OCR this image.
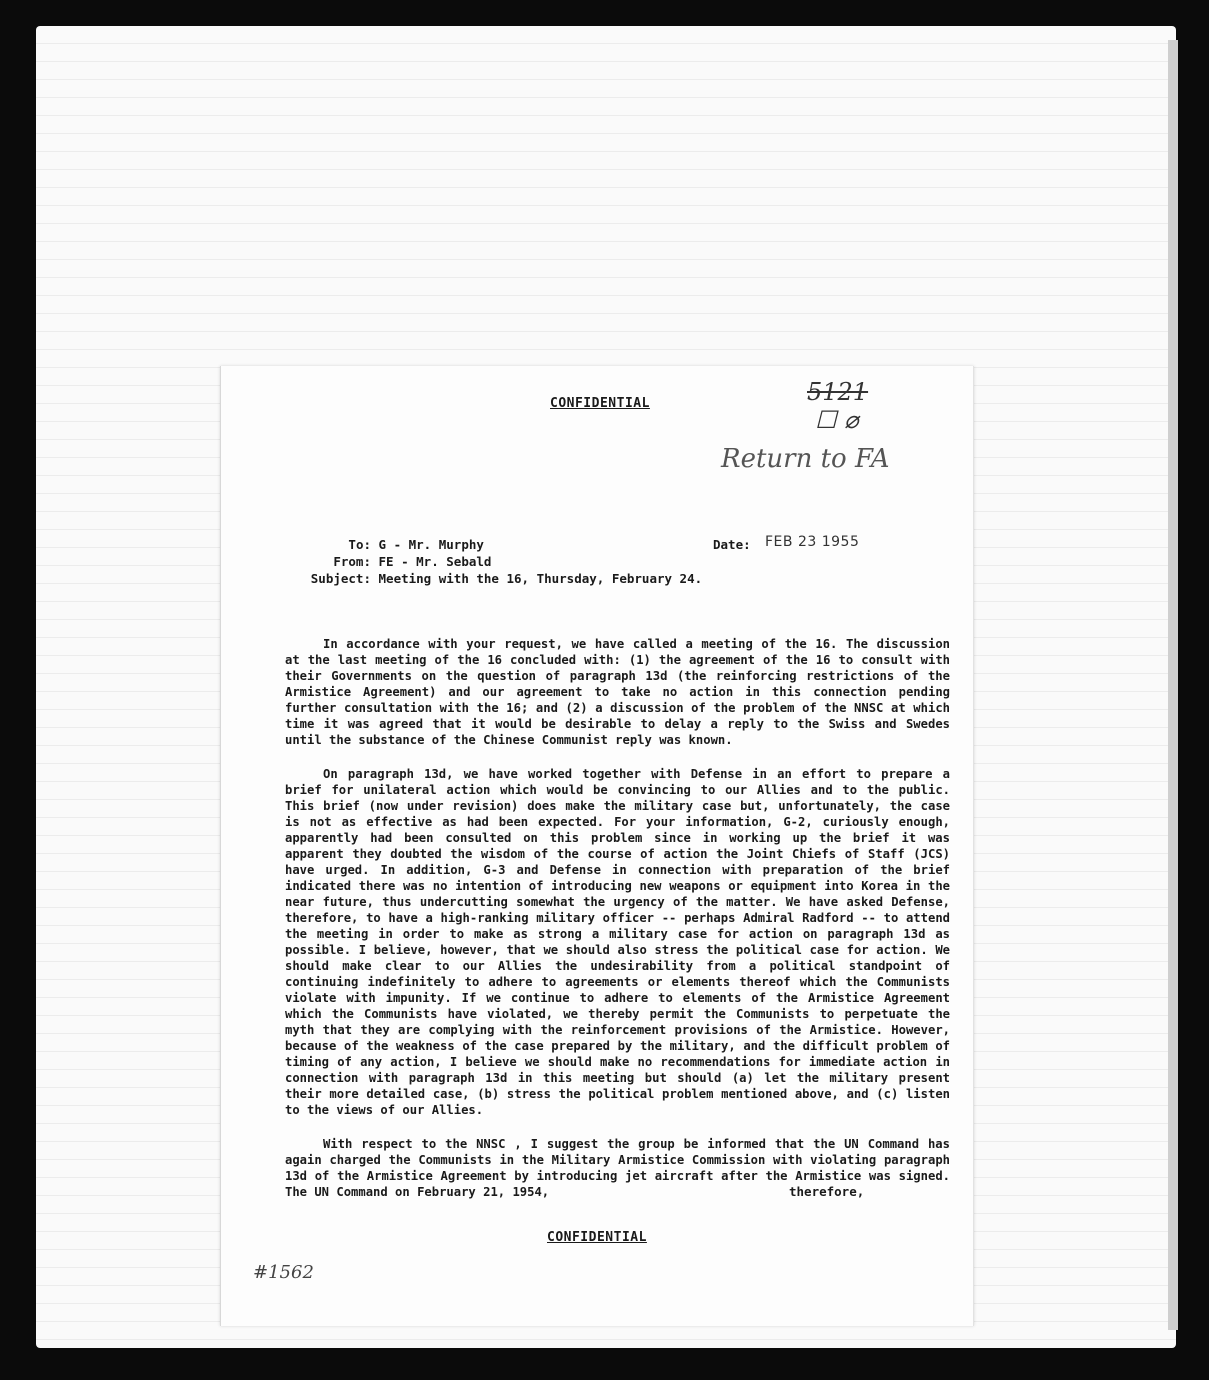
CONFIDENTIAL	5121
☐ ⌀
Return to FA
To: G - Mr. Murphy	Date: FEB 23 1955
From: FE - Mr. Sebald
Subject: Meeting with the 16, Thursday, February 24.

In accordance with your request, we have called a meeting of the 16. The discussion at the last meeting of the 16 concluded with: (1) the agreement of the 16 to consult with their Governments on the question of paragraph 13d (the reinforcing restrictions of the Armistice Agreement) and our agreement to take no action in this connection pending further consultation with the 16; and (2) a discussion of the problem of the NNSC at which time it was agreed that it would be desirable to delay a reply to the Swiss and Swedes until the substance of the Chinese Communist reply was known.

On paragraph 13d, we have worked together with Defense in an effort to prepare a brief for unilateral action which would be convincing to our Allies and to the public. This brief (now under revision) does make the military case but, unfortunately, the case is not as effective as had been expected. For your information, G-2, curiously enough, apparently had been consulted on this problem since in working up the brief it was apparent they doubted the wisdom of the course of action the Joint Chiefs of Staff (JCS) have urged. In addition, G-3 and Defense in connection with preparation of the brief indicated there was no intention of introducing new weapons or equipment into Korea in the near future, thus undercutting somewhat the urgency of the matter. We have asked Defense, therefore, to have a high-ranking military officer -- perhaps Admiral Radford -- to attend the meeting in order to make as strong a military case for action on paragraph 13d as possible. I believe, however, that we should also stress the political case for action. We should make clear to our Allies the undesirability from a political standpoint of continuing indefinitely to adhere to agreements or elements thereof which the Communists violate with impunity. If we continue to adhere to elements of the Armistice Agreement which the Communists have violated, we thereby permit the Communists to perpetuate the myth that they are complying with the reinforcement provisions of the Armistice. However, because of the weakness of the case prepared by the military, and the difficult problem of timing of any action, I believe we should make no recommendations for immediate action in connection with paragraph 13d in this meeting but should (a) let the military present their more detailed case, (b) stress the political problem mentioned above, and (c) listen to the views of our Allies.

With respect to the NNSC , I suggest the group be informed that the UN Command has again charged the Communists in the Military Armistice Commission with violating paragraph 13d of the Armistice Agreement by introducing jet aircraft after the Armistice was signed. The UN Command on February 21, 1954,	therefore,
CONFIDENTIAL
#1562
